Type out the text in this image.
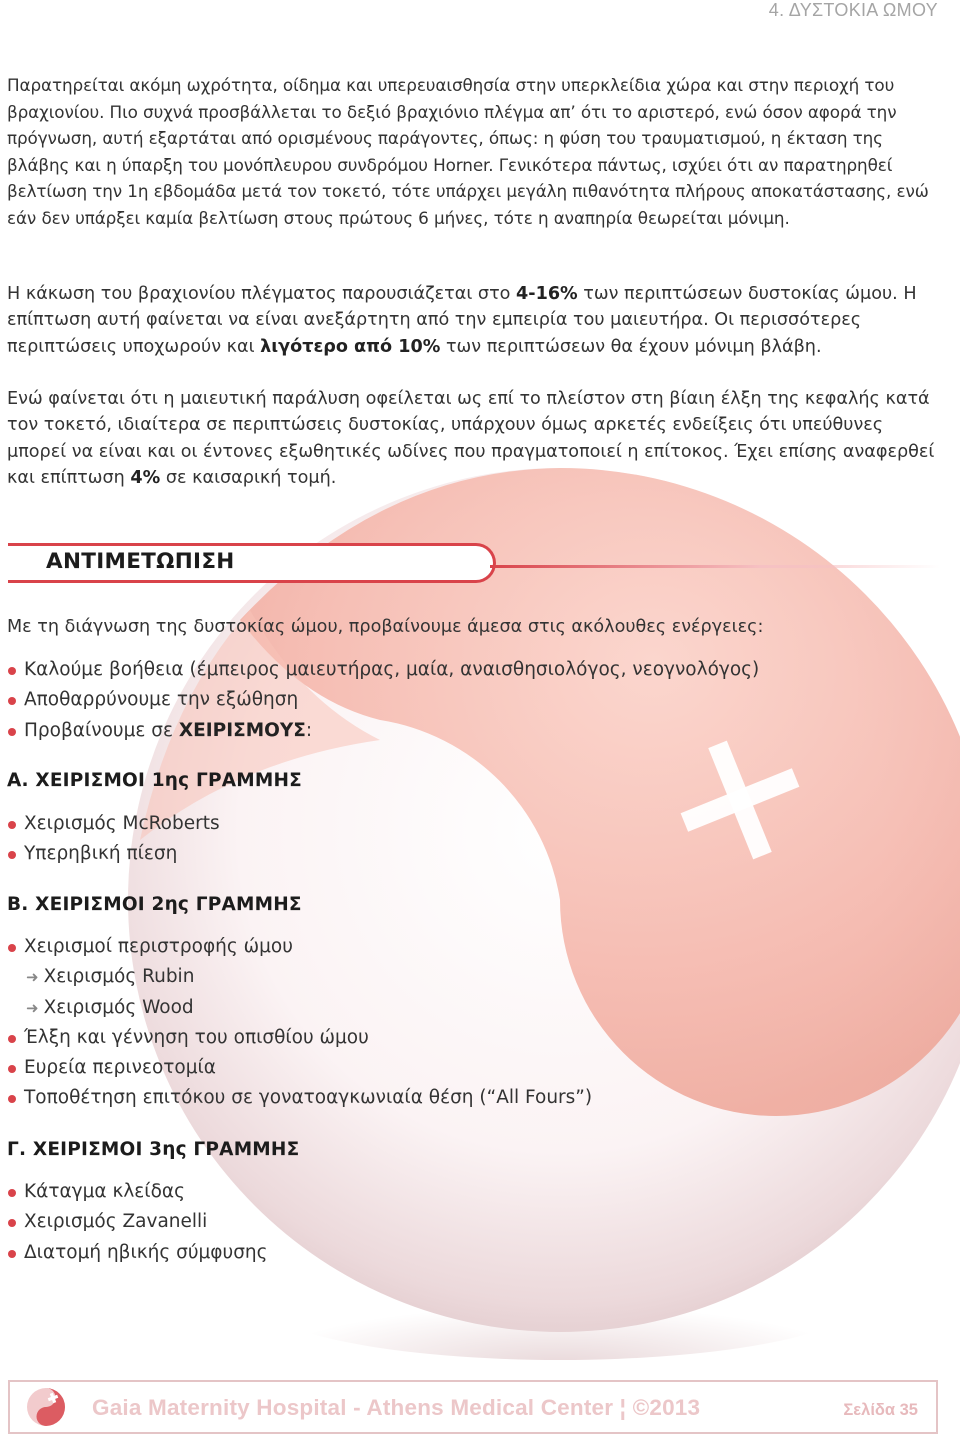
4. ΔΥΣΤΟΚΙΑ ΩΜΟΥ

Παρατηρείται ακόμη ωχρότητα, οίδημα και υπερευαισθησία στην υπερκλείδια χώρα και στην περιοχή του βραχιονίου. Πιο συχνά προσβάλλεται το δεξιό βραχιόνιο πλέγμα απ’ ότι το αριστερό, ενώ όσον αφορά την πρόγνωση, αυτή εξαρτάται από ορισμένους παράγοντες, όπως: η φύση του τραυματισμού, η έκταση της βλάβης και η ύπαρξη του μονόπλευρου συνδρόμου Horner. Γενικότερα πάντως, ισχύει ότι αν παρατηρηθεί βελτίωση την 1η εβδομάδα μετά τον τοκετό, τότε υπάρχει μεγάλη πιθανότητα πλήρους αποκατάστασης, ενώ εάν δεν υπάρξει καμία βελτίωση στους πρώτους 6 μήνες, τότε η αναπηρία θεωρείται μόνιμη.

Η κάκωση του βραχιονίου πλέγματος παρουσιάζεται στο 4-16% των περιπτώσεων δυστοκίας ώμου. Η επίπτωση αυτή φαίνεται να είναι ανεξάρτητη από την εμπειρία του μαιευτήρα. Οι περισσότερες περιπτώσεις υποχωρούν και λιγότερο από 10% των περιπτώσεων θα έχουν μόνιμη βλάβη.

Ενώ φαίνεται ότι η μαιευτική παράλυση οφείλεται ως επί το πλείστον στη βίαιη έλξη της κεφαλής κατά τον τοκετό, ιδιαίτερα σε περιπτώσεις δυστοκίας, υπάρχουν όμως αρκετές ενδείξεις ότι υπεύθυνες μπορεί να είναι και οι έντονες εξωθητικές ωδίνες που πραγματοποιεί η επίτοκος. Έχει επίσης αναφερθεί και επίπτωση 4% σε καισαρική τομή.

ΑΝΤΙΜΕΤΩΠΙΣΗ
Με τη διάγνωση της δυστοκίας ώμου, προβαίνουμε άμεσα στις ακόλουθες ενέργειες:
Καλούμε βοήθεια (έμπειρος μαιευτήρας, μαία, αναισθησιολόγος, νεογνολόγος)
Αποθαρρύνουμε την εξώθηση
Προβαίνουμε σε ΧΕΙΡΙΣΜΟΥΣ:
Α. ΧΕΙΡΙΣΜΟΙ 1ης ΓΡΑΜΜΗΣ
Χειρισμός McRoberts
Υπερηβική πίεση
Β. ΧΕΙΡΙΣΜΟΙ 2ης ΓΡΑΜΜΗΣ
Χειρισμοί περιστροφής ώμου
➜ Χειρισμός Rubin
➜ Χειρισμός Wood
Έλξη και γέννηση του οπισθίου ώμου
Ευρεία περινεοτομία
Τοποθέτηση επιτόκου σε γονατοαγκωνιαία θέση (“All Fours”)
Γ. ΧΕΙΡΙΣΜΟΙ 3ης ΓΡΑΜΜΗΣ
Κάταγμα κλείδας
Χειρισμός Zavanelli
Διατομή ηβικής σύμφυσης
Gaia Maternity Hospital - Athens Medical Center ¦ ©2013	Σελίδα 35
